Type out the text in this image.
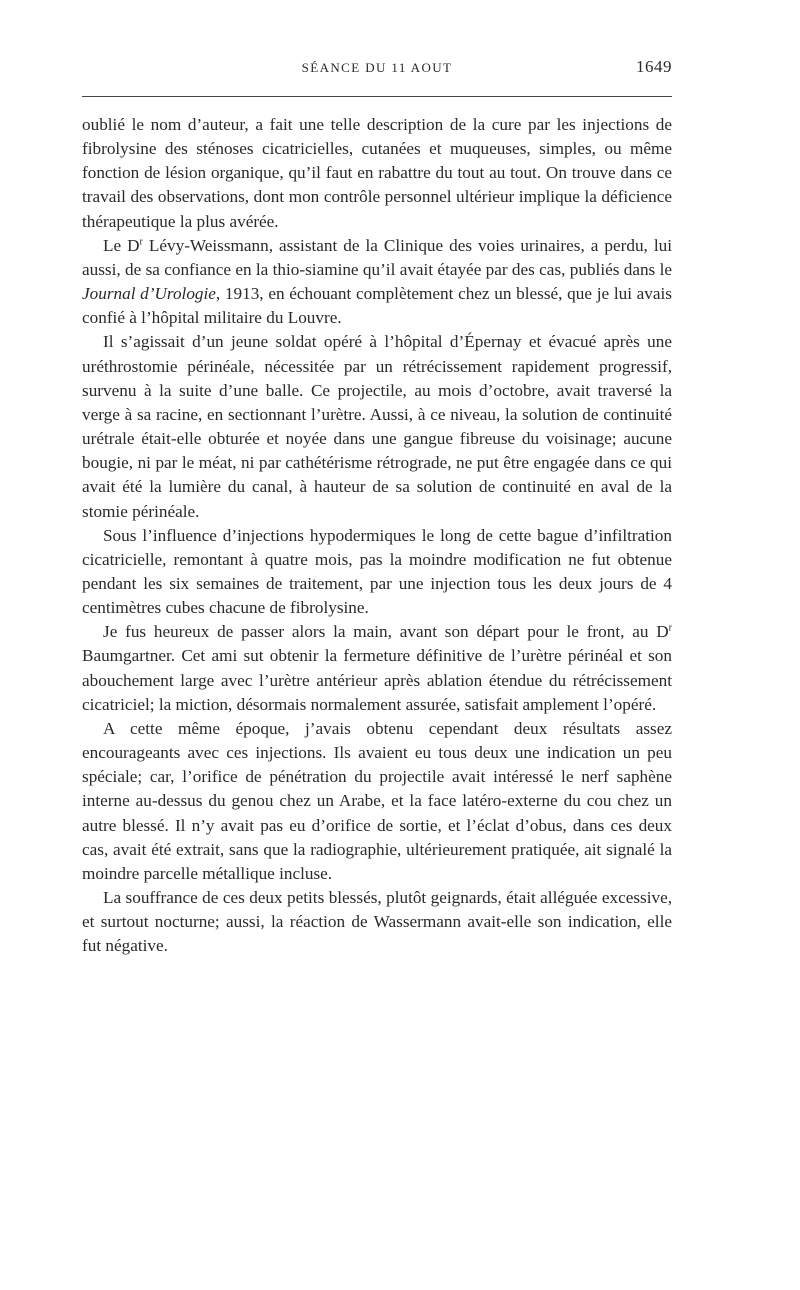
SÉANCE DU 11 AOUT	1649

oublié le nom d’auteur, a fait une telle description de la cure par les injections de fibrolysine des sténoses cicatricielles, cutanées et muqueuses, simples, ou même fonction de lésion organique, qu’il faut en rabattre du tout au tout. On trouve dans ce travail des observations, dont mon contrôle personnel ultérieur implique la déficience thérapeutique la plus avérée.

Le $D^r$ Lévy-Weissmann, assistant de la Clinique des voies urinaires, a perdu, lui aussi, de sa confiance en la thio-siamine qu’il avait étayée par des cas, publiés dans le Journal d’Urologie, 1913, en échouant complètement chez un blessé, que je lui avais confié à l’hôpital militaire du Louvre.

Il s’agissait d’un jeune soldat opéré à l’hôpital d’Épernay et évacué après une uréthrostomie périnéale, nécessitée par un rétrécissement rapidement progressif, survenu à la suite d’une balle. Ce projectile, au mois d’octobre, avait traversé la verge à sa racine, en sectionnant l’urètre. Aussi, à ce niveau, la solution de continuité urétrale était-elle obturée et noyée dans une gangue fibreuse du voisinage; aucune bougie, ni par le méat, ni par cathétérisme rétrograde, ne put être engagée dans ce qui avait été la lumière du canal, à hauteur de sa solution de continuité en aval de la stomie périnéale.

Sous l’influence d’injections hypodermiques le long de cette bague d’infiltration cicatricielle, remontant à quatre mois, pas la moindre modification ne fut obtenue pendant les six semaines de traitement, par une injection tous les deux jours de 4 centimètres cubes chacune de fibrolysine.

Je fus heureux de passer alors la main, avant son départ pour le front, au $D^r$ Baumgartner. Cet ami sut obtenir la fermeture définitive de l’urètre périnéal et son abouchement large avec l’urètre antérieur après ablation étendue du rétrécissement cicatriciel; la miction, désormais normalement assurée, satisfait amplement l’opéré.

A cette même époque, j’avais obtenu cependant deux résultats assez encourageants avec ces injections. Ils avaient eu tous deux une indication un peu spéciale; car, l’orifice de pénétration du projectile avait intéressé le nerf saphène interne au-dessus du genou chez un Arabe, et la face latéro-externe du cou chez un autre blessé. Il n’y avait pas eu d’orifice de sortie, et l’éclat d’obus, dans ces deux cas, avait été extrait, sans que la radiographie, ultérieurement pratiquée, ait signalé la moindre parcelle métallique incluse.

La souffrance de ces deux petits blessés, plutôt geignards, était alléguée excessive, et surtout nocturne; aussi, la réaction de Wassermann avait-elle son indication, elle fut négative.
